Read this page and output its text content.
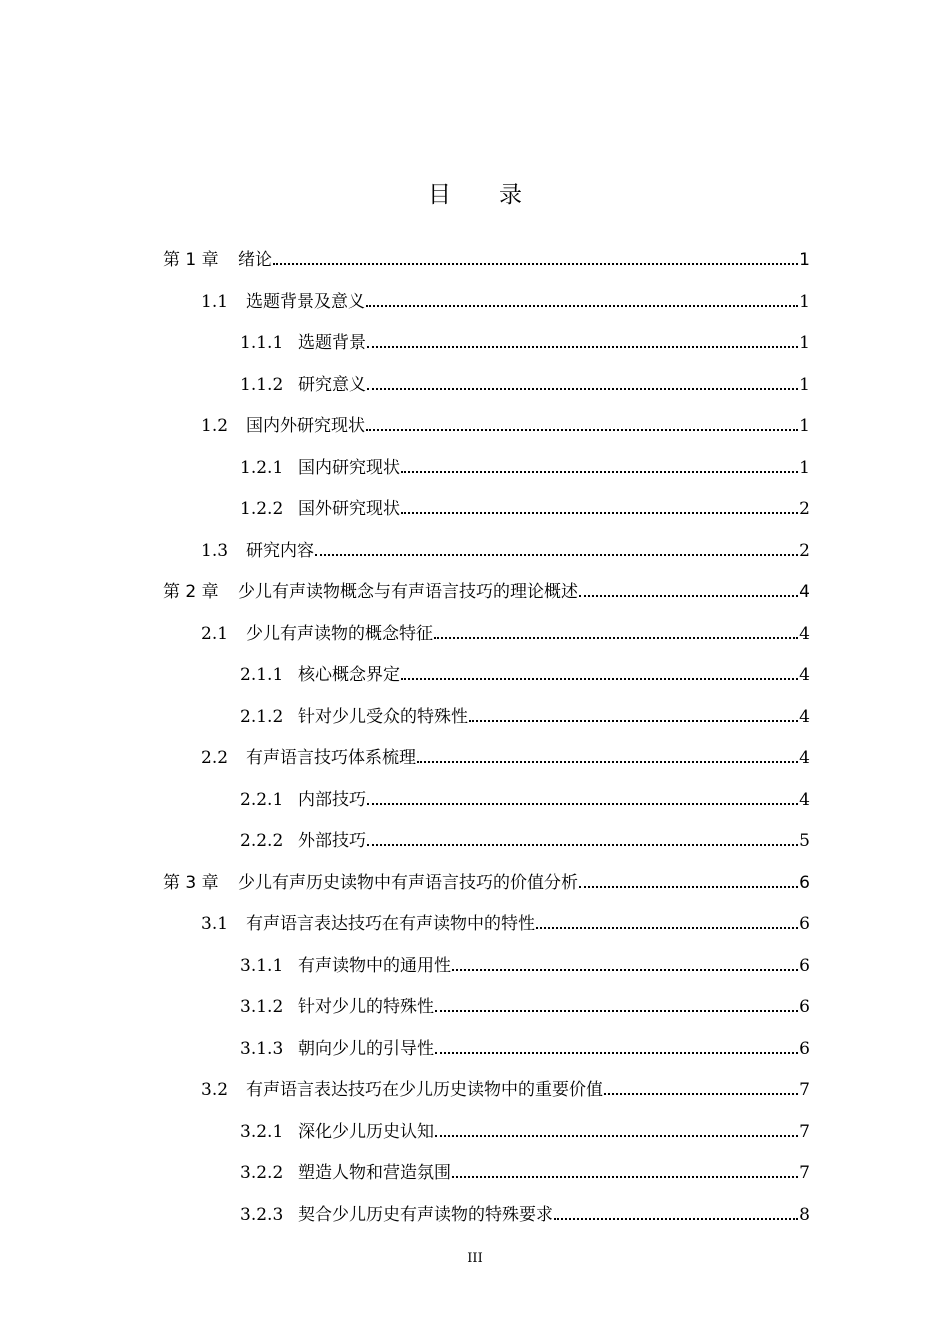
目 录
第 1 章	绪论	1
1.1	选题背景及意义	1
1.1.1 选题背景	1
1.1.2 研究意义	1
1.2	国内外研究现状	1
1.2.1 国内研究现状	1
1.2.2 国外研究现状	2
1.3	研究内容	2
第 2 章	少儿有声读物概念与有声语言技巧的理论概述	4
2.1	少儿有声读物的概念特征	4
2.1.1 核心概念界定	4
2.1.2 针对少儿受众的特殊性	4
2.2	有声语言技巧体系梳理	4
2.2.1 内部技巧	4
2.2.2 外部技巧	5
第 3 章	少儿有声历史读物中有声语言技巧的价值分析	6
3.1	有声语言表达技巧在有声读物中的特性	6
3.1.1 有声读物中的通用性	6
3.1.2 针对少儿的特殊性	6
3.1.3 朝向少儿的引导性	6
3.2	有声语言表达技巧在少儿历史读物中的重要价值	7
3.2.1 深化少儿历史认知	7
3.2.2 塑造人物和营造氛围	7
3.2.3 契合少儿历史有声读物的特殊要求	8
III
